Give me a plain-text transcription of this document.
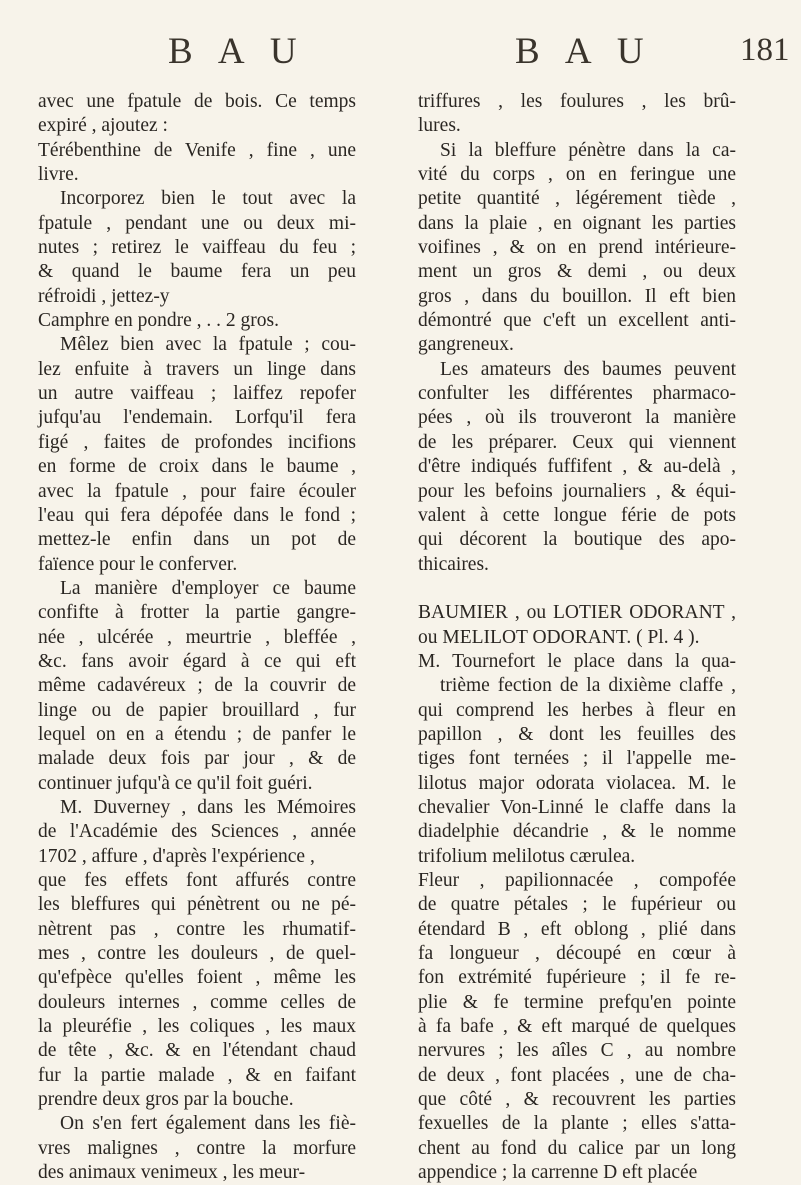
B A U	B A U	181
avec une fpatule de bois. Ce temps
expiré , ajoutez :
Térébenthine de Venife , fine , une
livre.
Incorporez bien le tout avec la
fpatule , pendant une ou deux mi-
nutes ; retirez le vaiffeau du feu ;
& quand le baume fera un peu
réfroidi , jettez-y
Camphre en pondre , . . 2 gros.
Mêlez bien avec la fpatule ; cou-
lez enfuite à travers un linge dans
un autre vaiffeau ; laiffez repofer
jufqu'au l'endemain. Lorfqu'il fera
figé , faites de profondes incifions
en forme de croix dans le baume ,
avec la fpatule , pour faire écouler
l'eau qui fera dépofée dans le fond ;
mettez-le enfin dans un pot de
faïence pour le conferver.
La manière d'employer ce baume
confifte à frotter la partie gangre-
née , ulcérée , meurtrie , bleffée ,
&c. fans avoir égard à ce qui eft
même cadavéreux ; de la couvrir de
linge ou de papier brouillard , fur
lequel on en a étendu ; de panfer le
malade deux fois par jour , & de
continuer jufqu'à ce qu'il foit guéri.
M. Duverney , dans les Mémoires
de l'Académie des Sciences , année
1702 , affure , d'après l'expérience ,
que fes effets font affurés contre
les bleffures qui pénètrent ou ne pé-
nètrent pas , contre les rhumatif-
mes , contre les douleurs , de quel-
qu'efpèce qu'elles foient , même les
douleurs internes , comme celles de
la pleuréfie , les coliques , les maux
de tête , &c. & en l'étendant chaud
fur la partie malade , & en faifant
prendre deux gros par la bouche.
On s'en fert également dans les fiè-
vres malignes , contre la morfure
des animaux venimeux , les meur-
triffures , les foulures , les brû-
lures.
Si la bleffure pénètre dans la ca-
vité du corps , on en feringue une
petite quantité , légérement tiède ,
dans la plaie , en oignant les parties
voifines , & on en prend intérieure-
ment un gros & demi , ou deux
gros , dans du bouillon. Il eft bien
démontré que c'eft un excellent anti-
gangreneux.
Les amateurs des baumes peuvent
confulter les différentes pharmaco-
pées , où ils trouveront la manière
de les préparer. Ceux qui viennent
d'être indiqués fuffifent , & au-delà ,
pour les befoins journaliers , & équi-
valent à cette longue férie de pots
qui décorent la boutique des apo-
thicaires.
BAUMIER , ou LOTIER ODORANT ,
ou MELILOT ODORANT. ( Pl. 4 ).
M. Tournefort le place dans la qua-
trième fection de la dixième claffe ,
qui comprend les herbes à fleur en
papillon , & dont les feuilles des
tiges font ternées ; il l'appelle me-
lilotus major odorata violacea. M. le
chevalier Von-Linné le claffe dans la
diadelphie décandrie , & le nomme
trifolium melilotus cærulea.
Fleur , papilionnacée , compofée
de quatre pétales ; le fupérieur ou
étendard B , eft oblong , plié dans
fa longueur , découpé en cœur à
fon extrémité fupérieure ; il fe re-
plie & fe termine prefqu'en pointe
à fa bafe , & eft marqué de quelques
nervures ; les aîles C , au nombre
de deux , font placées , une de cha-
que côté , & recouvrent les parties
fexuelles de la plante ; elles s'atta-
chent au fond du calice par un long
appendice ; la carrenne D eft placée
